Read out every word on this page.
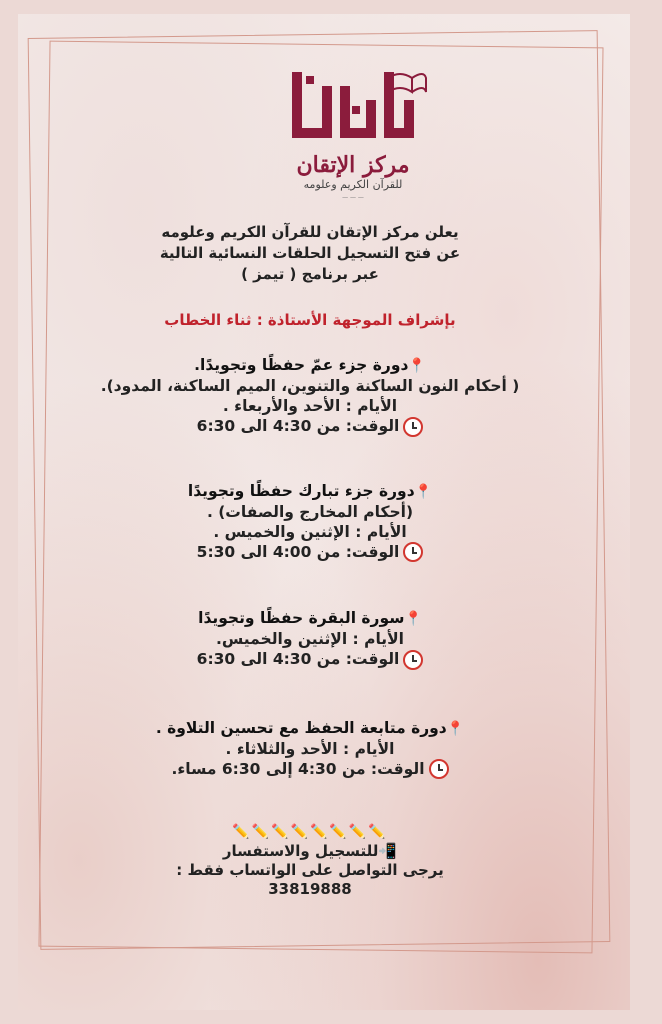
مركز الإتقان
للقرآن الكريم وعلومه
— — —
يعلن مركز الإتقان للقرآن الكريم وعلومه
عن فتح التسجيل الحلقات النسائية التالية
عبر برنامج ( تيمز )
بإشراف الموجهة الأستاذة : ثناء الخطاب
📍دورة جزء عمّ حفظًا وتجويدًا.
( أحكام النون الساكنة والتنوين، الميم الساكنة، المدود).
الأيام : الأحد والأربعاء .
الوقت: من 4:30 الى 6:30
📍دورة جزء تبارك حفظًا وتجويدًا
(أحكام المخارج والصفات) .
الأيام : الإثنين والخميس .
الوقت: من 4:00 الى 5:30
📍سورة البقرة حفظًا وتجويدًا
الأيام : الإثنين والخميس.
الوقت: من 4:30 الى 6:30
📍دورة متابعة الحفظ مع تحسين التلاوة .
الأيام : الأحد والثلاثاء .
الوقت: من 4:30 إلى 6:30 مساء.
✏️✏️✏️✏️✏️✏️✏️✏️
📲للتسجيل والاستفسار
يرجى التواصل على الواتساب فقط :
33819888
